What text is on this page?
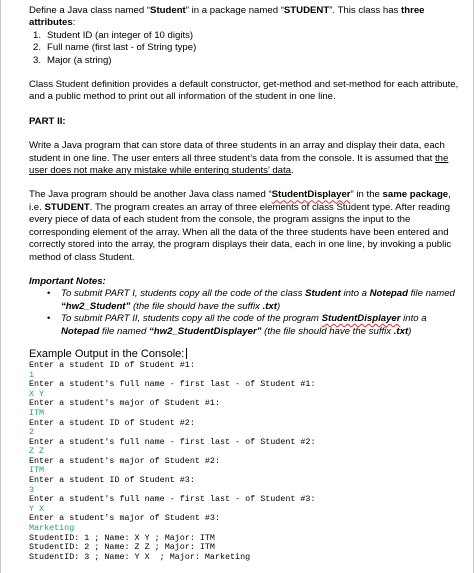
Define a Java class named “Student” in a package named “STUDENT”. This class has three attributes:

1. Student ID (an integer of 10 digits)
2. Full name (first last - of String type)
3. Major (a string)

Class Student definition provides a default constructor, get-method and set-method for each attribute, and a public method to print out all information of the student in one line.

PART II:

Write a Java program that can store data of three students in an array and display their data, each student in one line. The user enters all three student’s data from the console. It is assumed that the user does not make any mistake while entering students’ data.

The Java program should be another Java class named “StudentDisplayer” in the same package, i.e. STUDENT. The program creates an array of three elements of class Student type. After reading every piece of data of each student from the console, the program assigns the input to the corresponding element of the array. When all the data of the three students have been entered and correctly stored into the array, the program displays their data, each in one line, by invoking a public method of class Student.

Important Notes:

• To submit PART I, students copy all the code of the class Student into a Notepad file named “hw2_Student” (the file should have the suffix .txt)
• To submit PART II, students copy all the code of the program StudentDisplayer into a Notepad file named “hw2_StudentDisplayer” (the file should have the suffix .txt)

Example Output in the Console:

Enter a student ID of Student #1:
1
Enter a student's full name - first last - of Student #1:
X Y
Enter a student's major of Student #1:
ITM
Enter a student ID of Student #2:
2
Enter a student's full name - first last - of Student #2:
Z Z
Enter a student's major of Student #2:
ITM
Enter a student ID of Student #3:
3
Enter a student's full name - first last - of Student #3:
Y X
Enter a student's major of Student #3:
Marketing
StudentID: 1 ; Name: X Y ; Major: ITM
StudentID: 2 ; Name: Z Z ; Major: ITM
StudentID: 3 ; Name: Y X  ; Major: Marketing
